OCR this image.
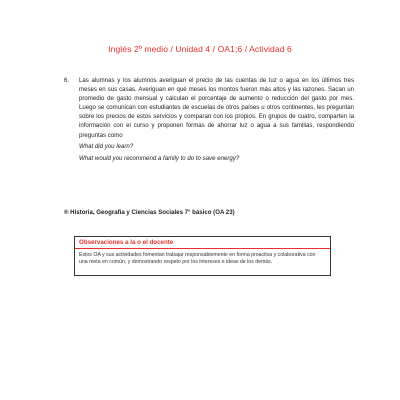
Inglés 2º medio / Unidad 4 / OA1;6 / Actividad 6
6.	Las alumnas y los alumnos averiguan el precio de las cuentas de luz o agua en los últimos tres meses en sus casas. Averiguan en qué meses los montos fueron más altos y las razones. Sacan un promedio de gasto mensual y calculan el porcentaje de aumento o reducción del gasto por mes. Luego se comunican con estudiantes de escuelas de otros países u otros continentes, les preguntan sobre los precios de estos servicios y comparan con los propios. En grupos de cuatro, comparten la información con el curso y proponen formas de ahorrar luz o agua a sus familias, respondiendo preguntas como
What did you learn?
What would you recommend a family to do to save energy?
® Historia, Geografía y Ciencias Sociales 7° básico (OA 23)
Observaciones a la o el docente
Estos OA y sus actividades fomentan trabajar responsablemente en forma proactiva y colaborativa con una meta en común, y demostrando respeto por los intereses e ideas de los demás.
